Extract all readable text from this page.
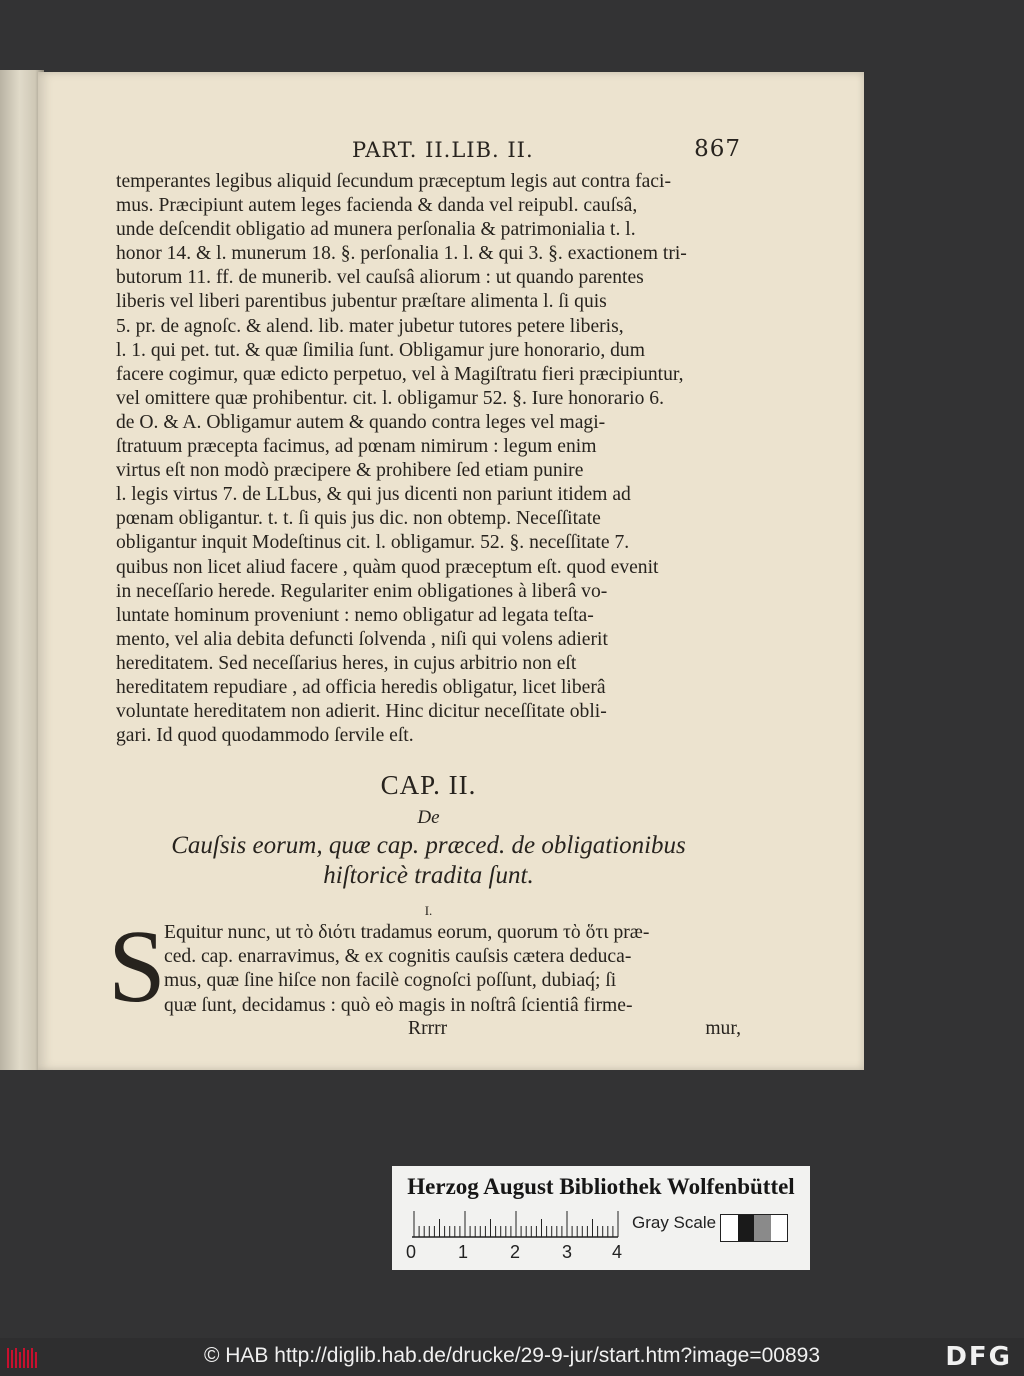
PART. II.LIB. II.	867

temperantes legibus aliquid ſecundum præceptum legis aut contra faci-
mus. Præcipiunt autem leges facienda & danda vel reipubl. cauſsâ,
unde deſcendit obligatio ad munera perſonalia & patrimonialia t. l.
honor 14. & l. munerum 18. §. perſonalia 1. l. & qui 3. §. exactionem tri-
butorum 11. ff. de munerib. vel cauſsâ aliorum : ut quando parentes
liberis vel liberi parentibus jubentur præſtare alimenta l. ſi quis
5. pr. de agnoſc. & alend. lib. mater jubetur tutores petere liberis,
l. 1. qui pet. tut. & quæ ſimilia ſunt. Obligamur jure honorario, dum
facere cogimur, quæ edicto perpetuo, vel à Magiſtratu fieri præcipiuntur,
vel omittere quæ prohibentur. cit. l. obligamur 52. §. Iure honorario 6.
de O. & A. Obligamur autem & quando contra leges vel magi-
ſtratuum præcepta facimus, ad pœnam nimirum : legum enim
virtus eſt non modò præcipere & prohibere ſed etiam punire
l. legis virtus 7. de LLbus, & qui jus dicenti non pariunt itidem ad
pœnam obligantur. t. t. ſi quis jus dic. non obtemp. Neceſſitate
obligantur inquit Modeſtinus cit. l. obligamur. 52. §. neceſſitate 7.
quibus non licet aliud facere , quàm quod præceptum eſt. quod evenit
in neceſſario herede. Regulariter enim obligationes à liberâ vo-
luntate hominum proveniunt : nemo obligatur ad legata teſta-
mento, vel alia debita defuncti ſolvenda , niſi qui volens adierit
hereditatem. Sed neceſſarius heres, in cujus arbitrio non eſt
hereditatem repudiare , ad officia heredis obligatur, licet liberâ
voluntate hereditatem non adierit. Hinc dicitur neceſſitate obli-
gari. Id quod quodammodo ſervile eſt.

CAP. II.
De
Cauſsis eorum, quæ cap. præced. de obligationibus
hiſtoricè tradita ſunt.
I.
S

Equitur nunc, ut τὸ διότι tradamus eorum, quorum τὸ ὅτι præ-
ced. cap. enarravimus, & ex cognitis cauſsis cætera deduca-
mus, quæ ſine hiſce non facilè cognoſci poſſunt, dubiaq́; ſi
quæ ſunt, decidamus : quò eò magis in noſtrâ ſcientiâ firme-

Rrrrr	mur,
Herzog August Bibliothek Wolfenbüttel
Gray Scale
0 1 2 3 4
© HAB http://diglib.hab.de/drucke/29-9-jur/start.htm?image=00893	DFG
